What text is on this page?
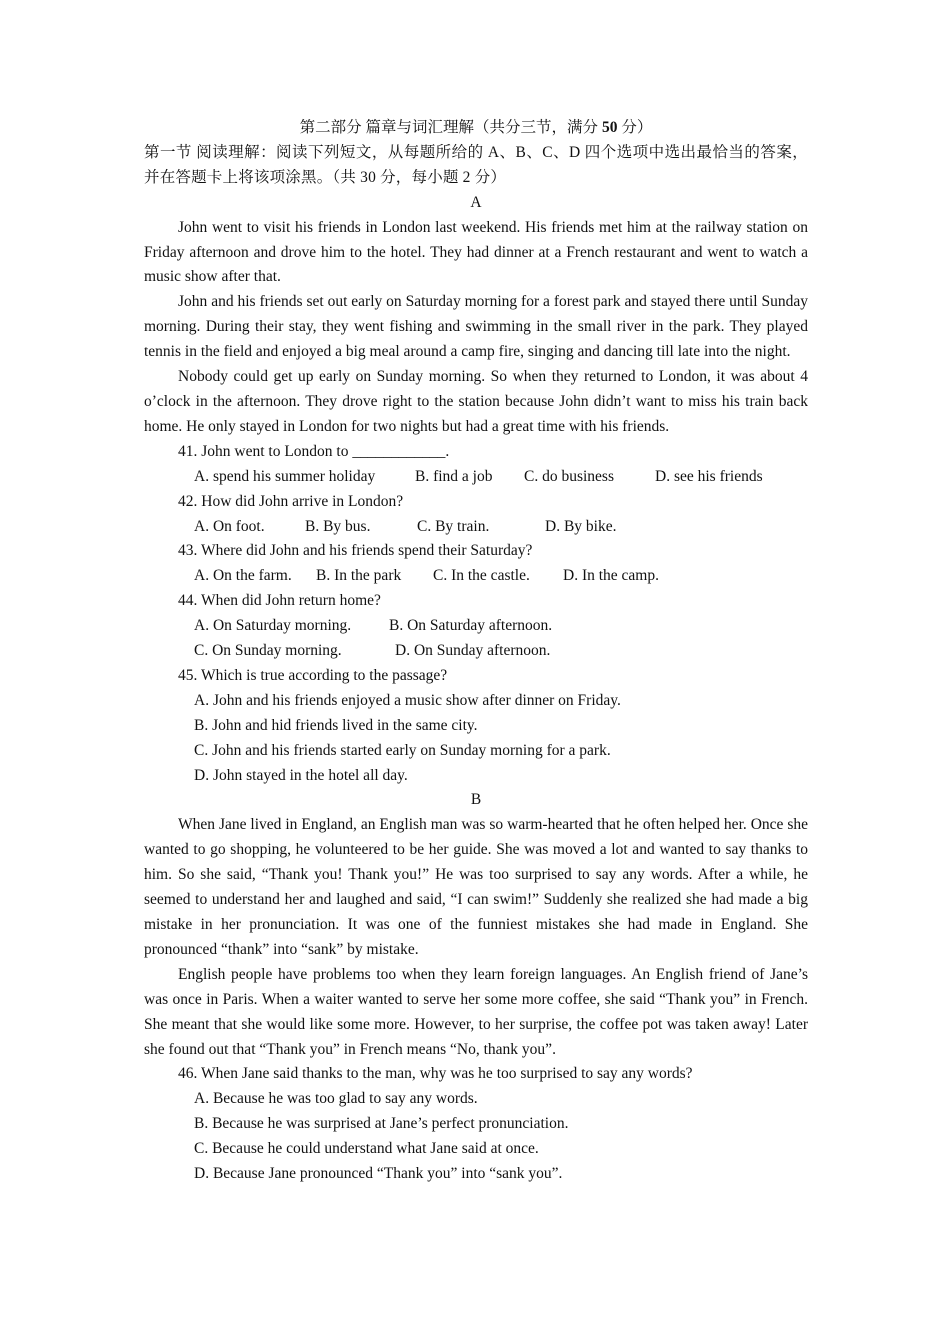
第二部分 篇章与词汇理解（共分三节，满分 50 分）

第一节 阅读理解：阅读下列短文，从每题所给的 A、B、C、D 四个选项中选出最恰当的答案，并在答题卡上将该项涂黑。（共 30 分，每小题 2 分）

A

John went to visit his friends in London last weekend. His friends met him at the railway station on Friday afternoon and drove him to the hotel. They had dinner at a French restaurant and went to watch a music show after that.

John and his friends set out early on Saturday morning for a forest park and stayed there until Sunday morning. During their stay, they went fishing and swimming in the small river in the park. They played tennis in the field and enjoyed a big meal around a camp fire, singing and dancing till late into the night.

Nobody could get up early on Sunday morning. So when they returned to London, it was about 4 o’clock in the afternoon. They drove right to the station because John didn’t want to miss his train back home. He only stayed in London for two nights but had a great time with his friends.

41. John went to London to ____________.

A. spend his summer holiday	B. find a job	C. do business	D. see his friends

42. How did John arrive in London?

A. On foot.	B. By bus.	C. By train.	D. By bike.

43. Where did John and his friends spend their Saturday?

A. On the farm.	B. In the park	C. In the castle.	D. In the camp.

44. When did John return home?

A. On Saturday morning.	B. On Saturday afternoon.
C. On Sunday morning.	D. On Sunday afternoon.

45. Which is true according to the passage?

A. John and his friends enjoyed a music show after dinner on Friday.

B. John and hid friends lived in the same city.

C. John and his friends started early on Sunday morning for a park.

D. John stayed in the hotel all day.

B

When Jane lived in England, an English man was so warm-hearted that he often helped her. Once she wanted to go shopping, he volunteered to be her guide. She was moved a lot and wanted to say thanks to him. So she said, “Thank you! Thank you!” He was too surprised to say any words. After a while, he seemed to understand her and laughed and said, “I can swim!” Suddenly she realized she had made a big mistake in her pronunciation. It was one of the funniest mistakes she had made in England. She pronounced “thank” into “sank” by mistake.

English people have problems too when they learn foreign languages. An English friend of Jane’s was once in Paris. When a waiter wanted to serve her some more coffee, she said “Thank you” in French. She meant that she would like some more. However, to her surprise, the coffee pot was taken away! Later she found out that “Thank you” in French means “No, thank you”.

46. When Jane said thanks to the man, why was he too surprised to say any words?

A. Because he was too glad to say any words.

B. Because he was surprised at Jane’s perfect pronunciation.

C. Because he could understand what Jane said at once.

D. Because Jane pronounced “Thank you” into “sank you”.
